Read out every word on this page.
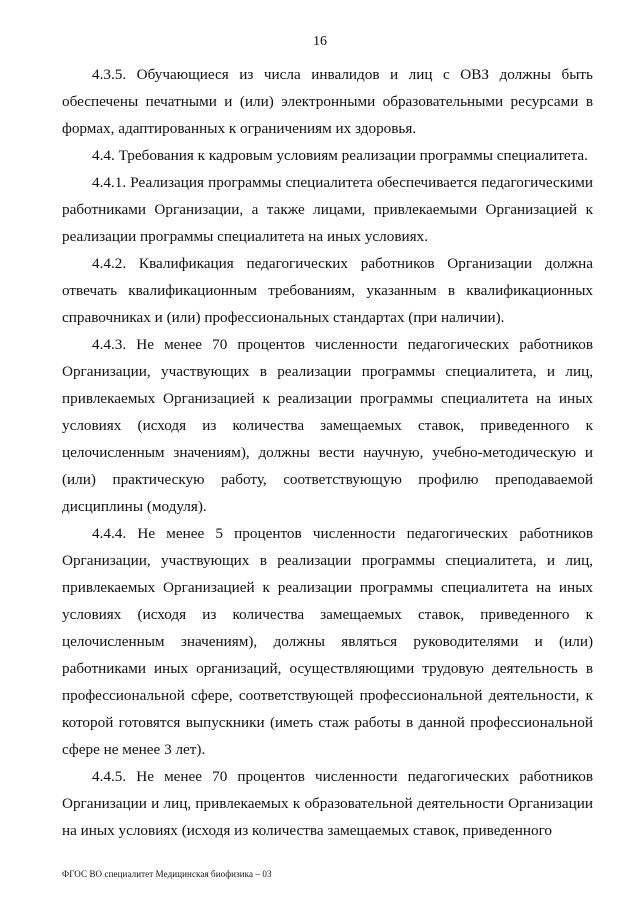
16

4.3.5. Обучающиеся из числа инвалидов и лиц с ОВЗ должны быть обеспечены печатными и (или) электронными образовательными ресурсами в формах, адаптированных к ограничениям их здоровья.

4.4. Требования к кадровым условиям реализации программы специалитета.

4.4.1. Реализация программы специалитета обеспечивается педагогическими работниками Организации, а также лицами, привлекаемыми Организацией к реализации программы специалитета на иных условиях.

4.4.2. Квалификация педагогических работников Организации должна отвечать квалификационным требованиям, указанным в квалификационных справочниках и (или) профессиональных стандартах (при наличии).

4.4.3. Не менее 70 процентов численности педагогических работников Организации, участвующих в реализации программы специалитета, и лиц, привлекаемых Организацией к реализации программы специалитета на иных условиях (исходя из количества замещаемых ставок, приведенного к целочисленным значениям), должны вести научную, учебно-методическую и (или) практическую работу, соответствующую профилю преподаваемой дисциплины (модуля).

4.4.4. Не менее 5 процентов численности педагогических работников Организации, участвующих в реализации программы специалитета, и лиц, привлекаемых Организацией к реализации программы специалитета на иных условиях (исходя из количества замещаемых ставок, приведенного к целочисленным значениям), должны являться руководителями и (или) работниками иных организаций, осуществляющими трудовую деятельность в профессиональной сфере, соответствующей профессиональной деятельности, к которой готовятся выпускники (иметь стаж работы в данной профессиональной сфере не менее 3 лет).

4.4.5. Не менее 70 процентов численности педагогических работников Организации и лиц, привлекаемых к образовательной деятельности Организации на иных условиях (исходя из количества замещаемых ставок, приведенного

ФГОС ВО специалитет Медицинская биофизика – 03
